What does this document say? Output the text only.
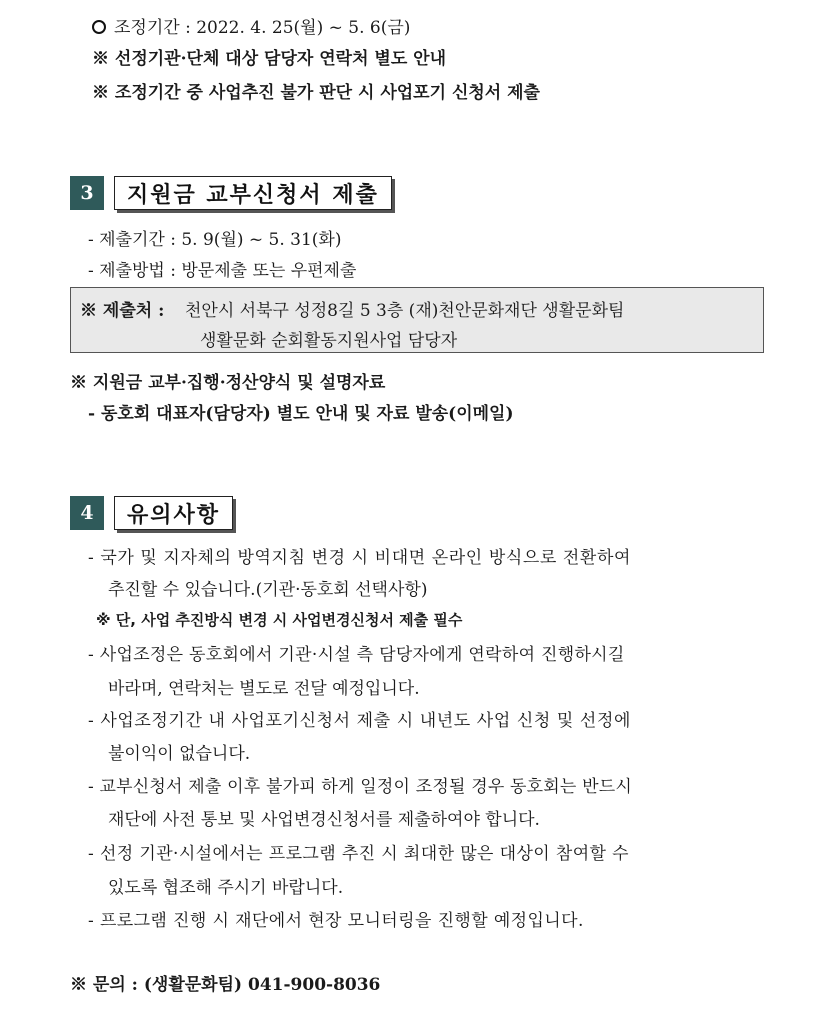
조정기간 : 2022. 4. 25(월) ~ 5. 6(금)
※ 선정기관·단체 대상 담당자 연락처 별도 안내
※ 조정기간 중 사업추진 불가 판단 시 사업포기 신청서 제출
3	지원금 교부신청서 제출
- 제출기간 : 5. 9(월) ~ 5. 31(화)
- 제출방법 : 방문제출 또는 우편제출
※ 제출처 : 천안시 서북구 성정8길 5 3층 (재)천안문화재단 생활문화팀
생활문화 순회활동지원사업 담당자
※ 지원금 교부·집행·정산양식 및 설명자료
- 동호회 대표자(담당자) 별도 안내 및 자료 발송(이메일)
4	유의사항
- 국가 및 지자체의 방역지침 변경 시 비대면 온라인 방식으로 전환하여
추진할 수 있습니다.(기관·동호회 선택사항)
※ 단, 사업 추진방식 변경 시 사업변경신청서 제출 필수
- 사업조정은 동호회에서 기관·시설 측 담당자에게 연락하여 진행하시길
바라며, 연락처는 별도로 전달 예정입니다.
- 사업조정기간 내 사업포기신청서 제출 시 내년도 사업 신청 및 선정에
불이익이 없습니다.
- 교부신청서 제출 이후 불가피 하게 일정이 조정될 경우 동호회는 반드시
재단에 사전 통보 및 사업변경신청서를 제출하여야 합니다.
- 선정 기관·시설에서는 프로그램 추진 시 최대한 많은 대상이 참여할 수
있도록 협조해 주시기 바랍니다.
- 프로그램 진행 시 재단에서 현장 모니터링을 진행할 예정입니다.
※ 문의 : (생활문화팀) 041-900-8036
